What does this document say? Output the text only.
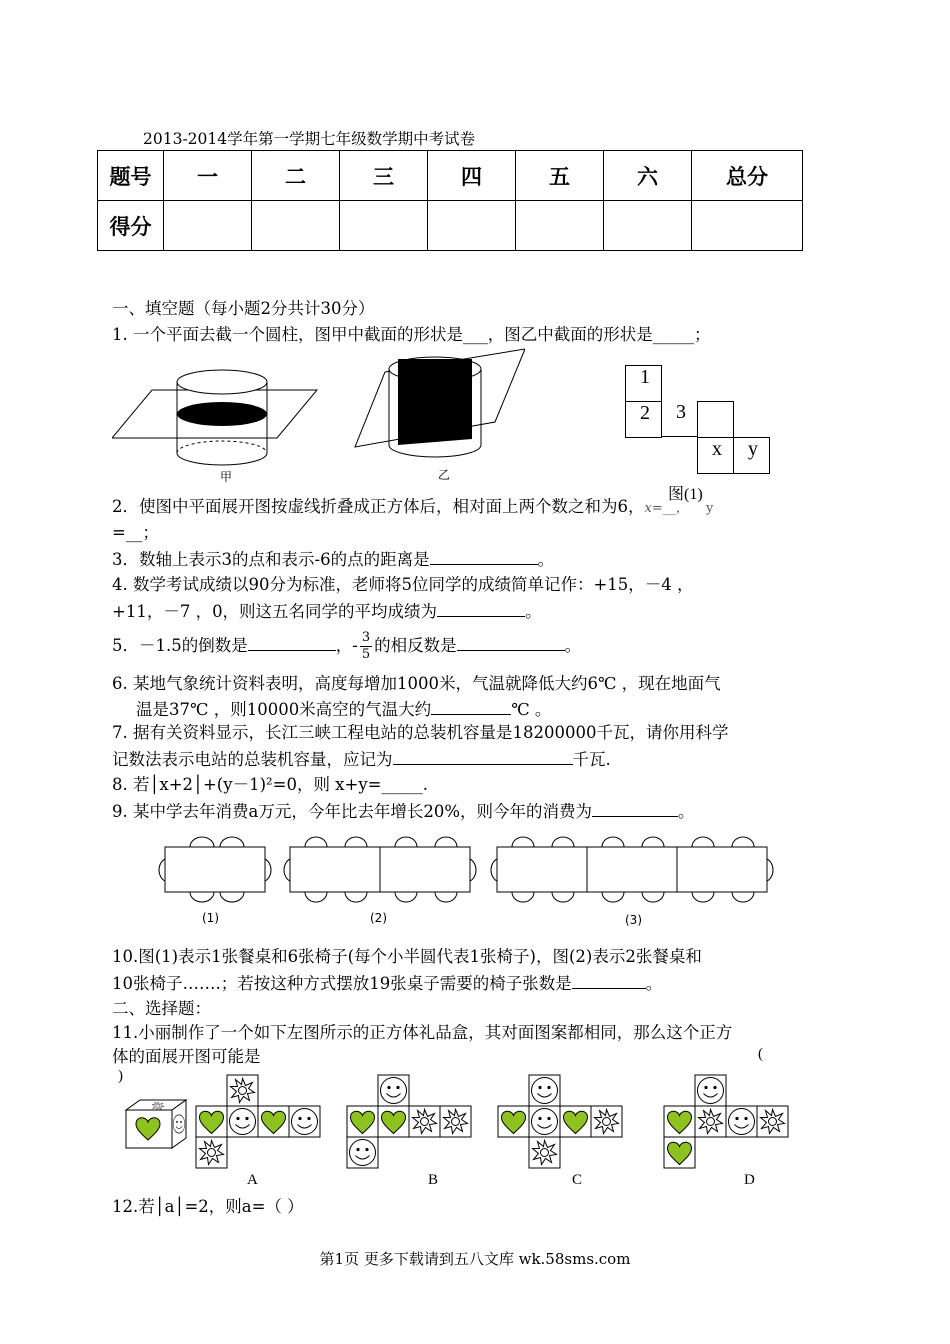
2013-2014学年第一学期七年级数学期中考试卷
题号	一	二	三	四	五	六	总分
得分							
一、填空题（每小题2分共计30分）
1. 一个平面去截一个圆柱，图甲中截面的形状是___，图乙中截面的形状是_____；
甲	乙
1
2 3
x y
图(1)
2．使图中平面展开图按虚线折叠成正方体后，相对面上两个数之和为6，x=__， y
=__；
3．数轴上表示3的点和表示-6的点的距离是	。
4. 数学考试成绩以90分为标准，老师将5位同学的成绩简单记作：+15，－4 ，
+11，－7 ，0，则这五名同学的平均成绩为	。
5．－1.5的倒数是	，- $\frac{3}{5}$ 的相反数是	。
6. 某地气象统计资料表明，高度每增加1000米，气温就降低大约6℃ ，现在地面气
温是37℃ ，则10000米高空的气温大约	℃ 。
7. 据有关资料显示，长江三峡工程电站的总装机容量是18200000千瓦，请你用科学
记数法表示电站的总装机容量，应记为	千瓦.
8. 若│x+2│+(y－1)²=0，则 x+y=_____.
9. 某中学去年消费a万元，今年比去年增长20%，则今年的消费为	。
(1)	(2)	(3)
10.图(1)表示1张餐桌和6张椅子(每个小半圆代表1张椅子)，图(2)表示2张餐桌和
10张椅子…….；若按这种方式摆放19张桌子需要的椅子张数是	。
二、选择题：
11.小丽制作了一个如下左图所示的正方体礼品盒，其对面图案都相同，那么这个正方
体的面展开图可能是	(
)
A	B	C	D
12.若│a│=2，则a=（ ）
第1页 更多下载请到五八文库 wk.58sms.com
